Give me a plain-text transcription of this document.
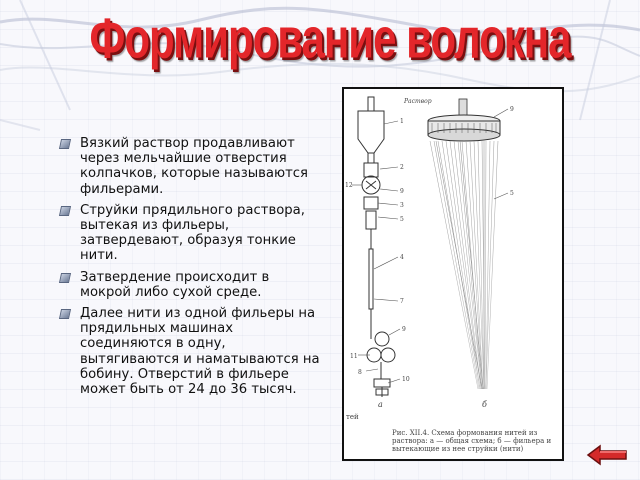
Формирование волокна
Вязкий раствор продавливают через мельчайшие отверстия колпачков, которые называются фильерами.
Струйки прядильного раствора, вытекая из фильеры, затвердевают, образуя тонкие нити.
Затвердение происходит в мокрой либо сухой среде.
Далее нити из одной фильеры на прядильных машинах соединяются в одну, вытягиваются и наматываются на бобину. Отверстий в фильере может быть от 24 до 36 тысяч.
1
2
9
3
5
4
7
9
11
8
10
12
Раствор
а	б
5
9
тей
Рис. XII.4. Схема формования нитей из раствора: а — общая схема; б — фильера и вытекающие из нее струйки (нити)
